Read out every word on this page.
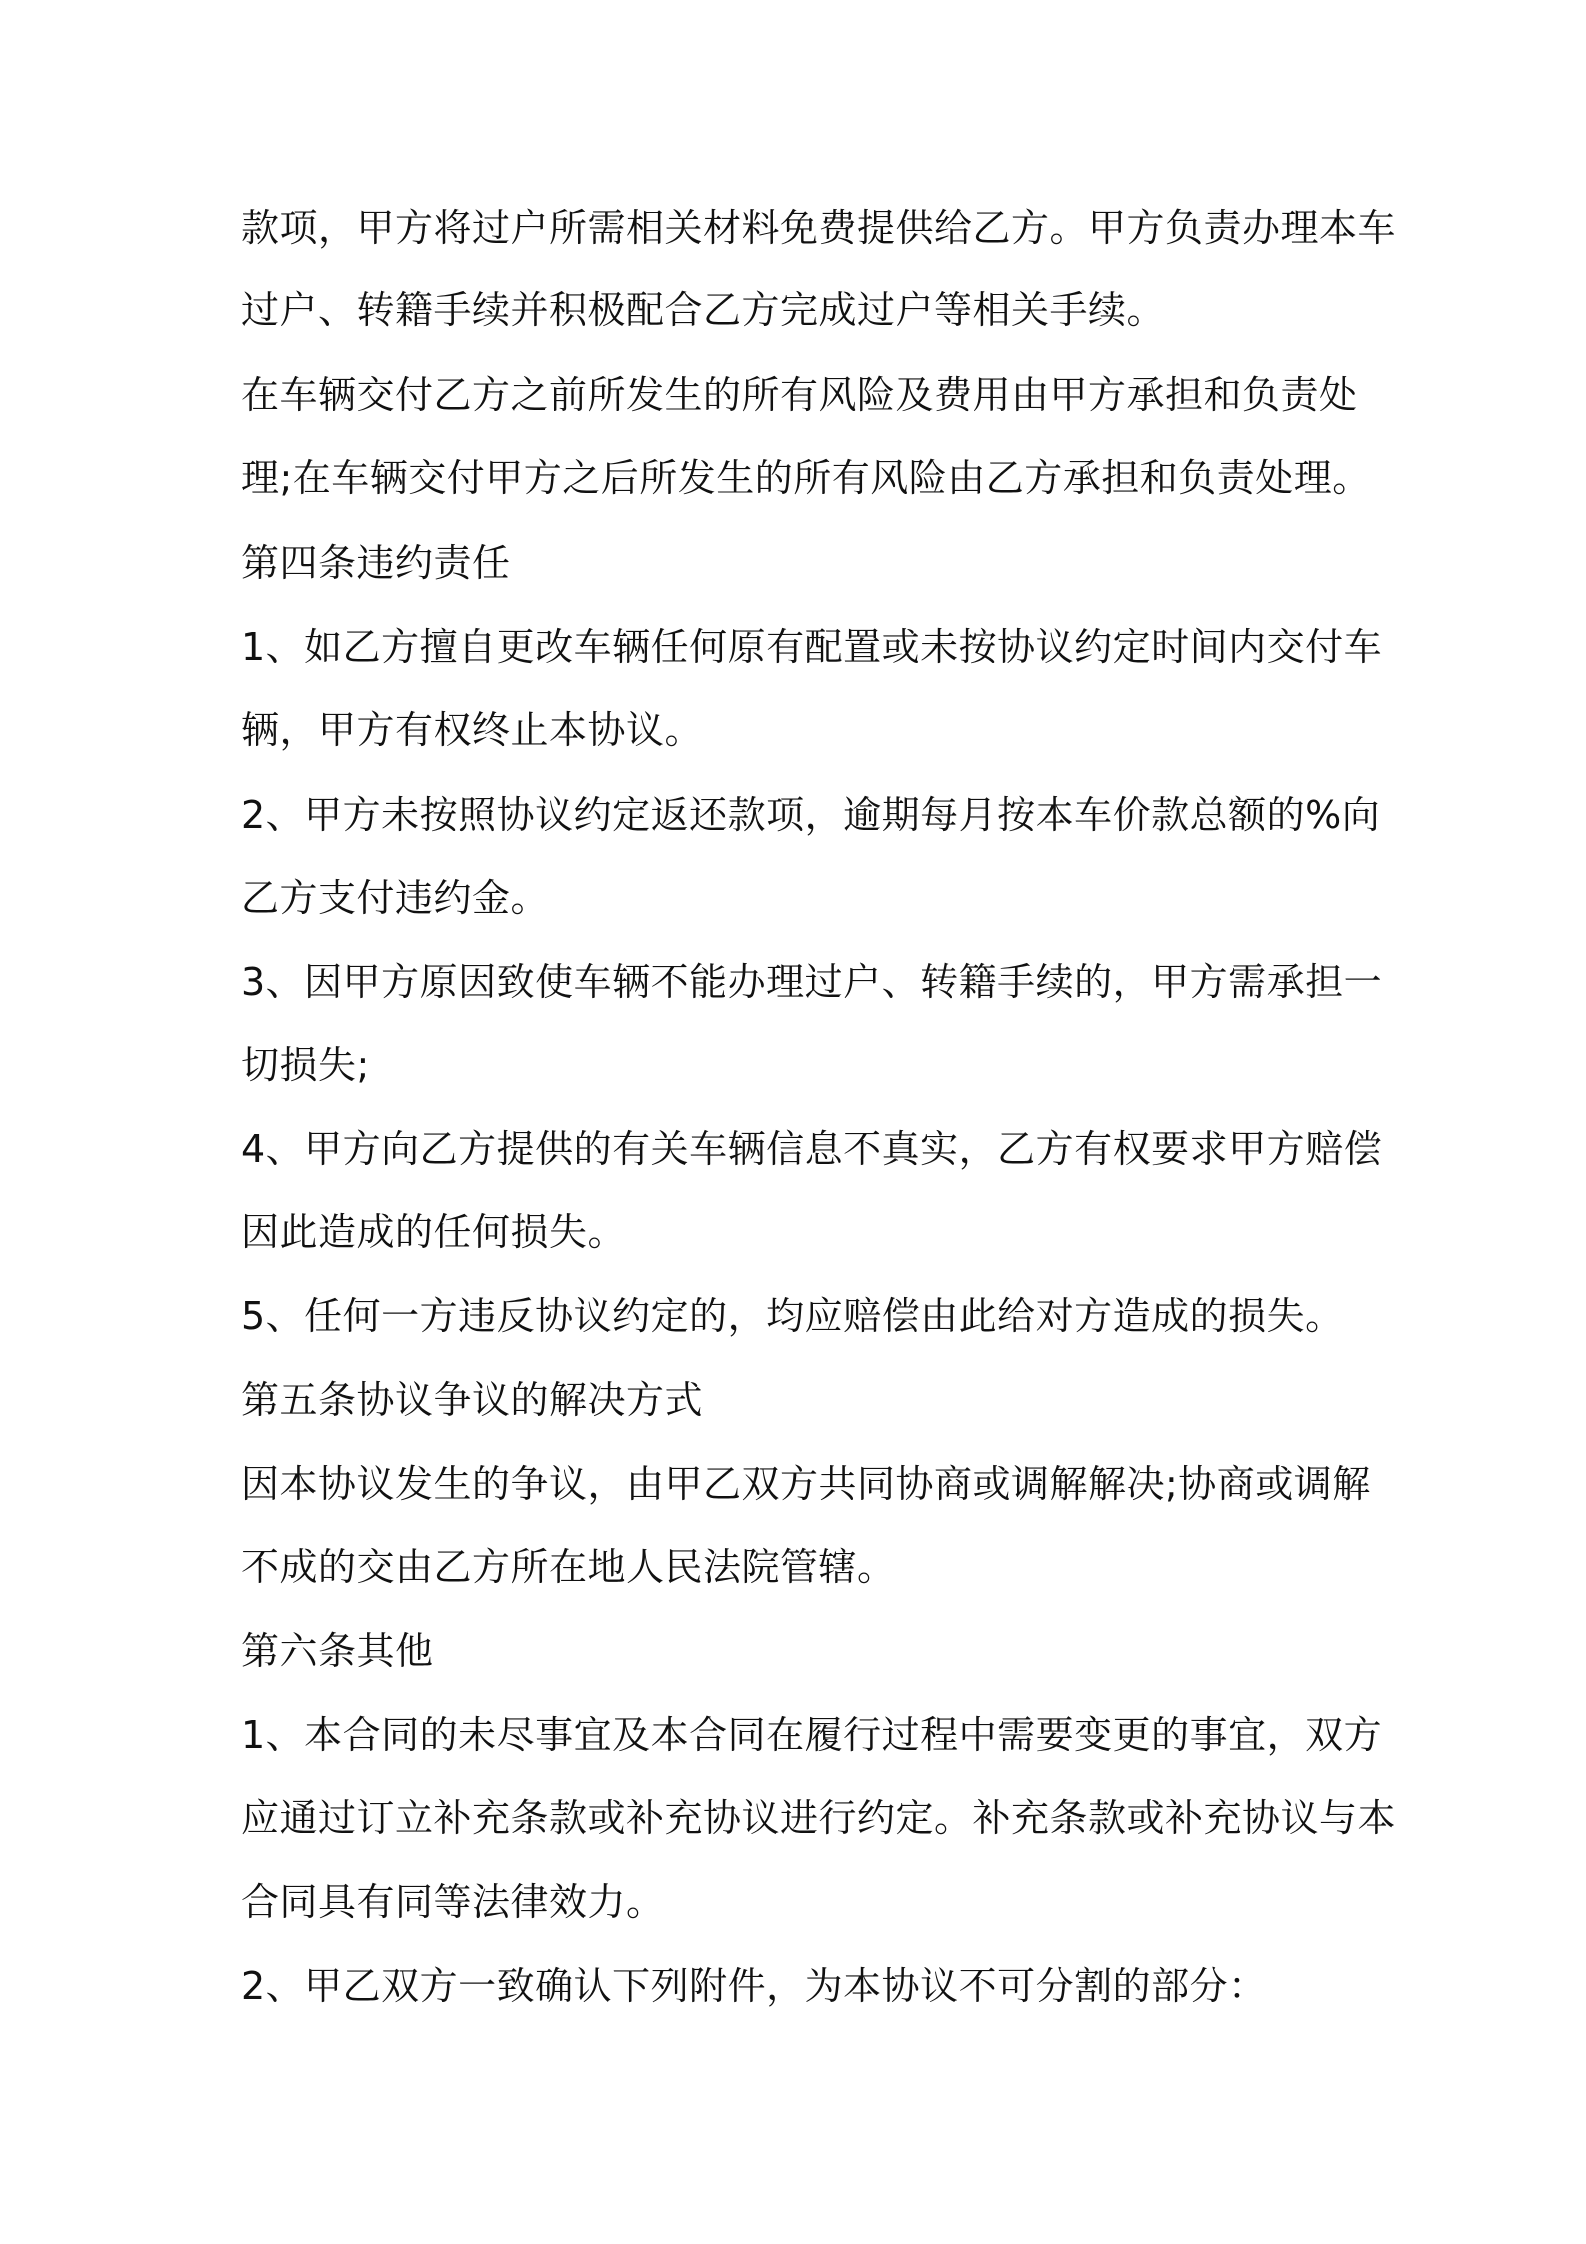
款项，甲方将过户所需相关材料免费提供给乙方。甲方负责办理本车
过户、转籍手续并积极配合乙方完成过户等相关手续。
在车辆交付乙方之前所发生的所有风险及费用由甲方承担和负责处
理;在车辆交付甲方之后所发生的所有风险由乙方承担和负责处理。
第四条违约责任
1、如乙方擅自更改车辆任何原有配置或未按协议约定时间内交付车
辆，甲方有权终止本协议。
2、甲方未按照协议约定返还款项，逾期每月按本车价款总额的%向
乙方支付违约金。
3、因甲方原因致使车辆不能办理过户、转籍手续的，甲方需承担一
切损失;
4、甲方向乙方提供的有关车辆信息不真实，乙方有权要求甲方赔偿
因此造成的任何损失。
5、任何一方违反协议约定的，均应赔偿由此给对方造成的损失。
第五条协议争议的解决方式
因本协议发生的争议，由甲乙双方共同协商或调解解决;协商或调解
不成的交由乙方所在地人民法院管辖。
第六条其他
1、本合同的未尽事宜及本合同在履行过程中需要变更的事宜，双方
应通过订立补充条款或补充协议进行约定。补充条款或补充协议与本
合同具有同等法律效力。
2、甲乙双方一致确认下列附件，为本协议不可分割的部分：
